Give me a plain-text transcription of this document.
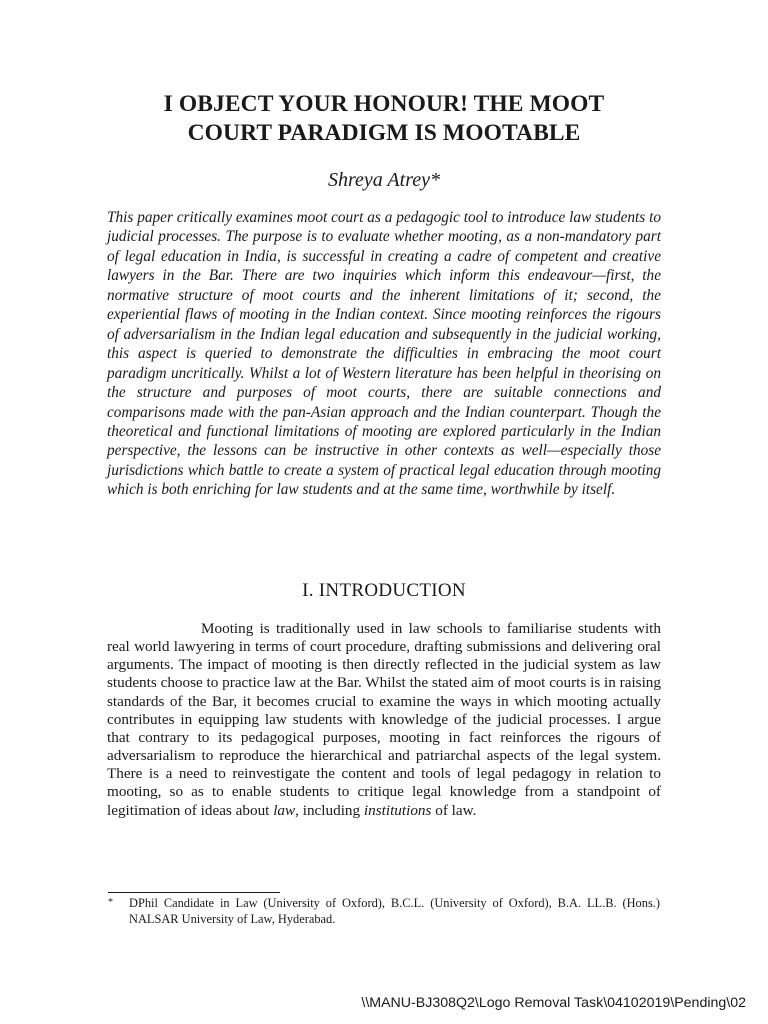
I OBJECT YOUR HONOUR! THE MOOT
COURT PARADIGM IS MOOTABLE
Shreya Atrey*

This paper critically examines moot court as a pedagogic tool to introduce law students to judicial processes. The purpose is to evaluate whether mooting, as a non-mandatory part of legal education in India, is successful in creating a cadre of competent and creative lawyers in the Bar. There are two inquiries which inform this endeavour—first, the normative structure of moot courts and the inherent limitations of it; second, the experiential flaws of mooting in the Indian context. Since mooting reinforces the rigours of adversarialism in the Indian legal education and subsequently in the judicial working, this aspect is queried to demonstrate the difficulties in embracing the moot court paradigm uncritically. Whilst a lot of Western literature has been helpful in theorising on the structure and purposes of moot courts, there are suitable connections and comparisons made with the pan-Asian approach and the Indian counterpart. Though the theoretical and functional limitations of mooting are explored particularly in the Indian perspective, the lessons can be instructive in other contexts as well—especially those jurisdictions which battle to create a system of practical legal education through mooting which is both enriching for law students and at the same time, worthwhile by itself.

I. INTRODUCTION

Mooting is traditionally used in law schools to familiarise students with real world lawyering in terms of court procedure, drafting submissions and delivering oral arguments. The impact of mooting is then directly reflected in the judicial system as law students choose to practice law at the Bar. Whilst the stated aim of moot courts is in raising standards of the Bar, it becomes crucial to examine the ways in which mooting actually contributes in equipping law students with knowledge of the judicial processes. I argue that contrary to its pedagogical purposes, mooting in fact reinforces the rigours of adversarialism to reproduce the hierarchical and patriarchal aspects of the legal system. There is a need to reinvestigate the content and tools of legal pedagogy in relation to mooting, so as to enable students to critique legal knowledge from a standpoint of legitimation of ideas about law, including institutions of law.

* DPhil Candidate in Law (University of Oxford), B.C.L. (University of Oxford), B.A. LL.B. (Hons.) NALSAR University of Law, Hyderabad.
\\MANU-BJ308Q2\Logo Removal Task\04102019\Pending\02
